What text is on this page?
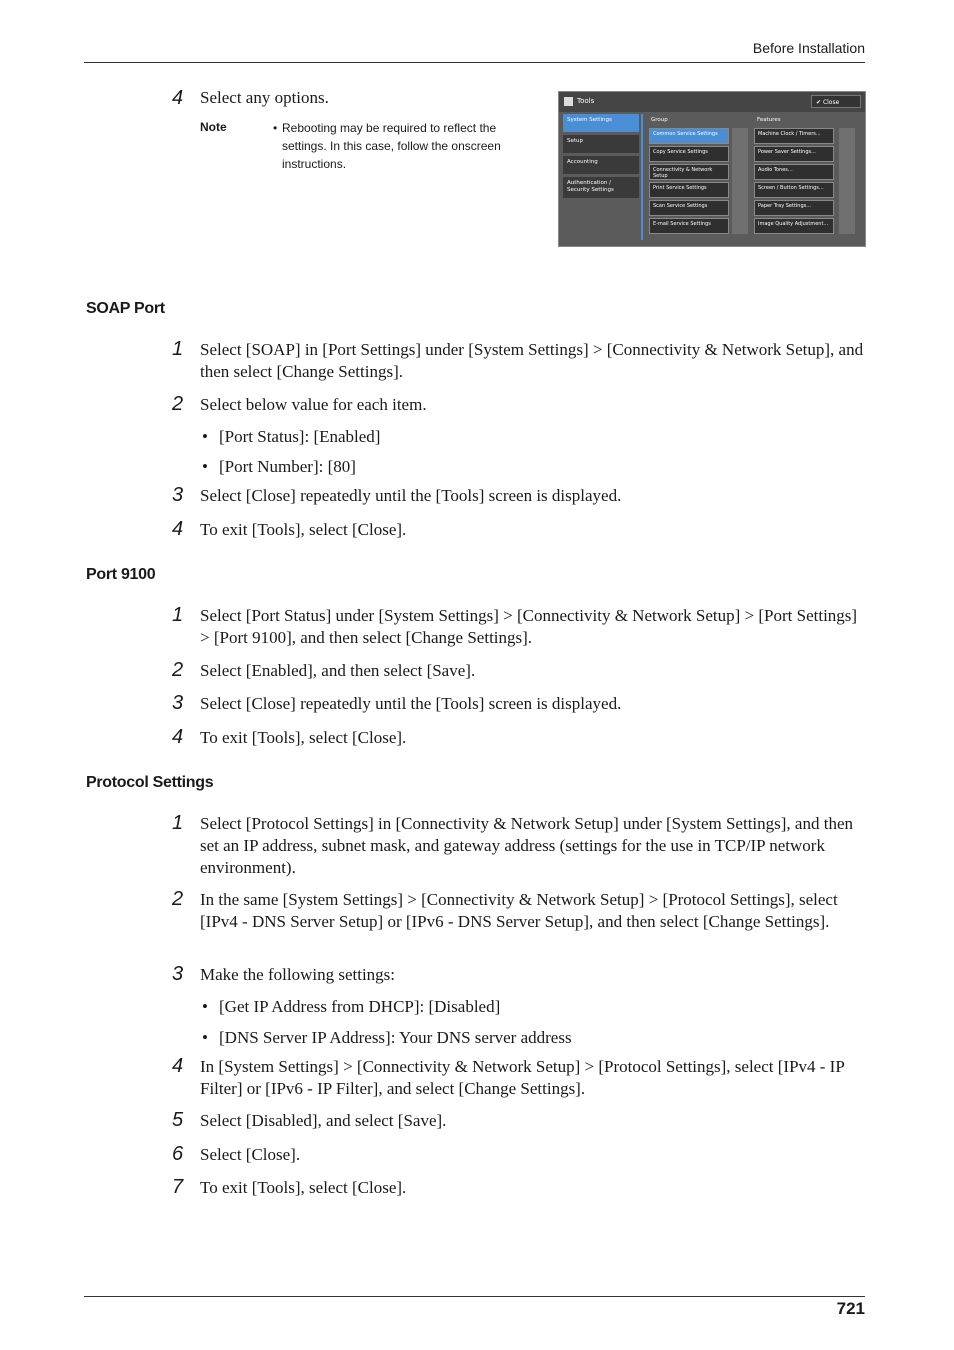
Before Installation
4 Select any options.
Note
•	Rebooting may be required to reflect the settings. In this case, follow the onscreen instructions.
Tools	✔ Close
System Settings
Setup
Accounting
Authentication / Security Settings
Group	Features
Common Service Settings
Copy Service Settings
Connectivity & Network Setup
Print Service Settings
Scan Service Settings
E-mail Service Settings
Machine Clock / Timers...
Power Saver Settings...
Audio Tones...
Screen / Button Settings...
Paper Tray Settings...
Image Quality Adjustment...
SOAP Port
1 Select [SOAP] in [Port Settings] under [System Settings] > [Connectivity & Network Setup], and then select [Change Settings].
2 Select below value for each item.
• [Port Status]: [Enabled]
• [Port Number]: [80]
3 Select [Close] repeatedly until the [Tools] screen is displayed.
4 To exit [Tools], select [Close].
Port 9100
1 Select [Port Status] under [System Settings] > [Connectivity & Network Setup] > [Port Settings] > [Port 9100], and then select [Change Settings].
2 Select [Enabled], and then select [Save].
3 Select [Close] repeatedly until the [Tools] screen is displayed.
4 To exit [Tools], select [Close].
Protocol Settings
1 Select [Protocol Settings] in [Connectivity & Network Setup] under [System Settings], and then set an IP address, subnet mask, and gateway address (settings for the use in TCP/IP network environment).
2 In the same [System Settings] > [Connectivity & Network Setup] > [Protocol Settings], select [IPv4 - DNS Server Setup] or [IPv6 - DNS Server Setup], and then select [Change Settings].
3 Make the following settings:
• [Get IP Address from DHCP]: [Disabled]
• [DNS Server IP Address]: Your DNS server address
4 In [System Settings] > [Connectivity & Network Setup] > [Protocol Settings], select [IPv4 - IP Filter] or [IPv6 - IP Filter], and select [Change Settings].
5 Select [Disabled], and select [Save].
6 Select [Close].
7 To exit [Tools], select [Close].
721
